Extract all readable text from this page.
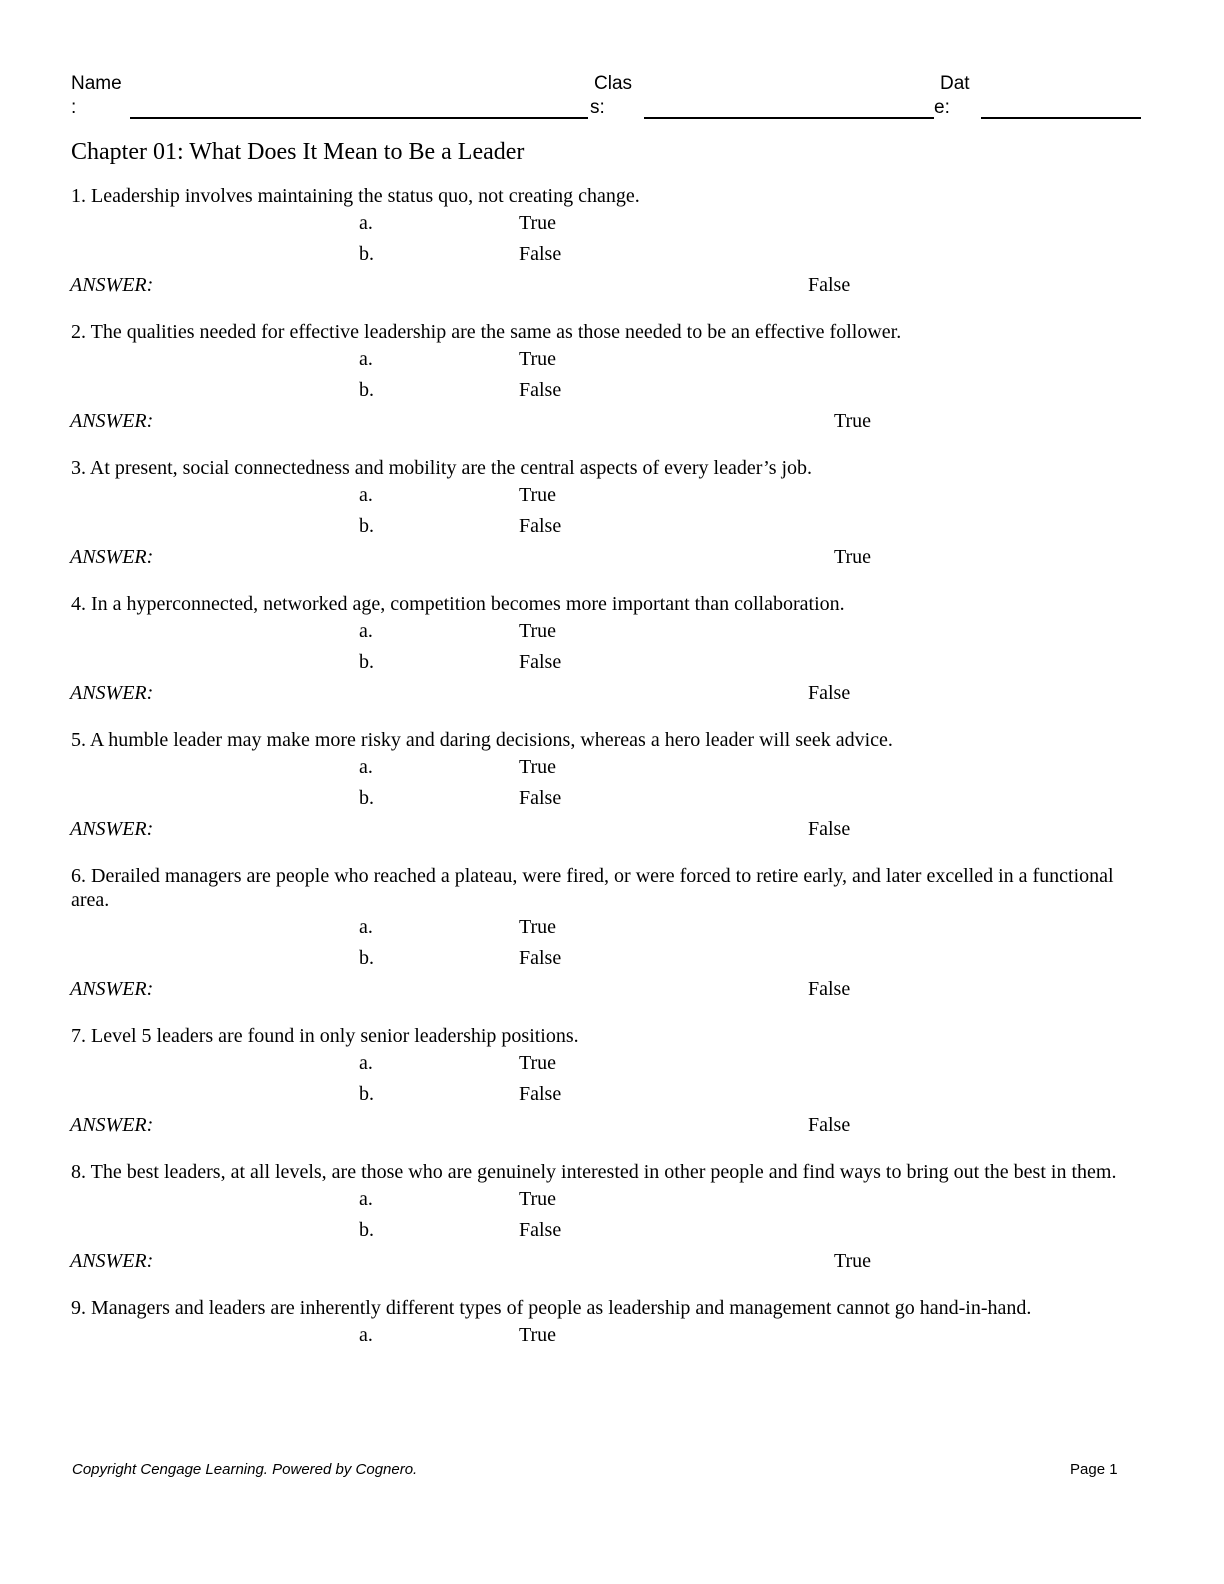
Name
:
Clas
s:
Dat
e:
Chapter 01: What Does It Mean to Be a Leader
1. Leadership involves maintaining the status quo, not creating change.
a.	True
b.	False
ANSWER:	False
2. The qualities needed for effective leadership are the same as those needed to be an effective follower.
a.	True
b.	False
ANSWER:	True
3. At present, social connectedness and mobility are the central aspects of every leader’s job.
a.	True
b.	False
ANSWER:	True
4. In a hyperconnected, networked age, competition becomes more important than collaboration.
a.	True
b.	False
ANSWER:	False
5. A humble leader may make more risky and daring decisions, whereas a hero leader will seek advice.
a.	True
b.	False
ANSWER:	False
6. Derailed managers are people who reached a plateau, were fired, or were forced to retire early, and later excelled in a functional area.
a.	True
b.	False
ANSWER:	False
7. Level 5 leaders are found in only senior leadership positions.
a.	True
b.	False
ANSWER:	False
8. The best leaders, at all levels, are those who are genuinely interested in other people and find ways to bring out the best in them.
a.	True
b.	False
ANSWER:	True
9. Managers and leaders are inherently different types of people as leadership and management cannot go hand-in-hand.
a.	True
Copyright Cengage Learning. Powered by Cognero.	Page 1
